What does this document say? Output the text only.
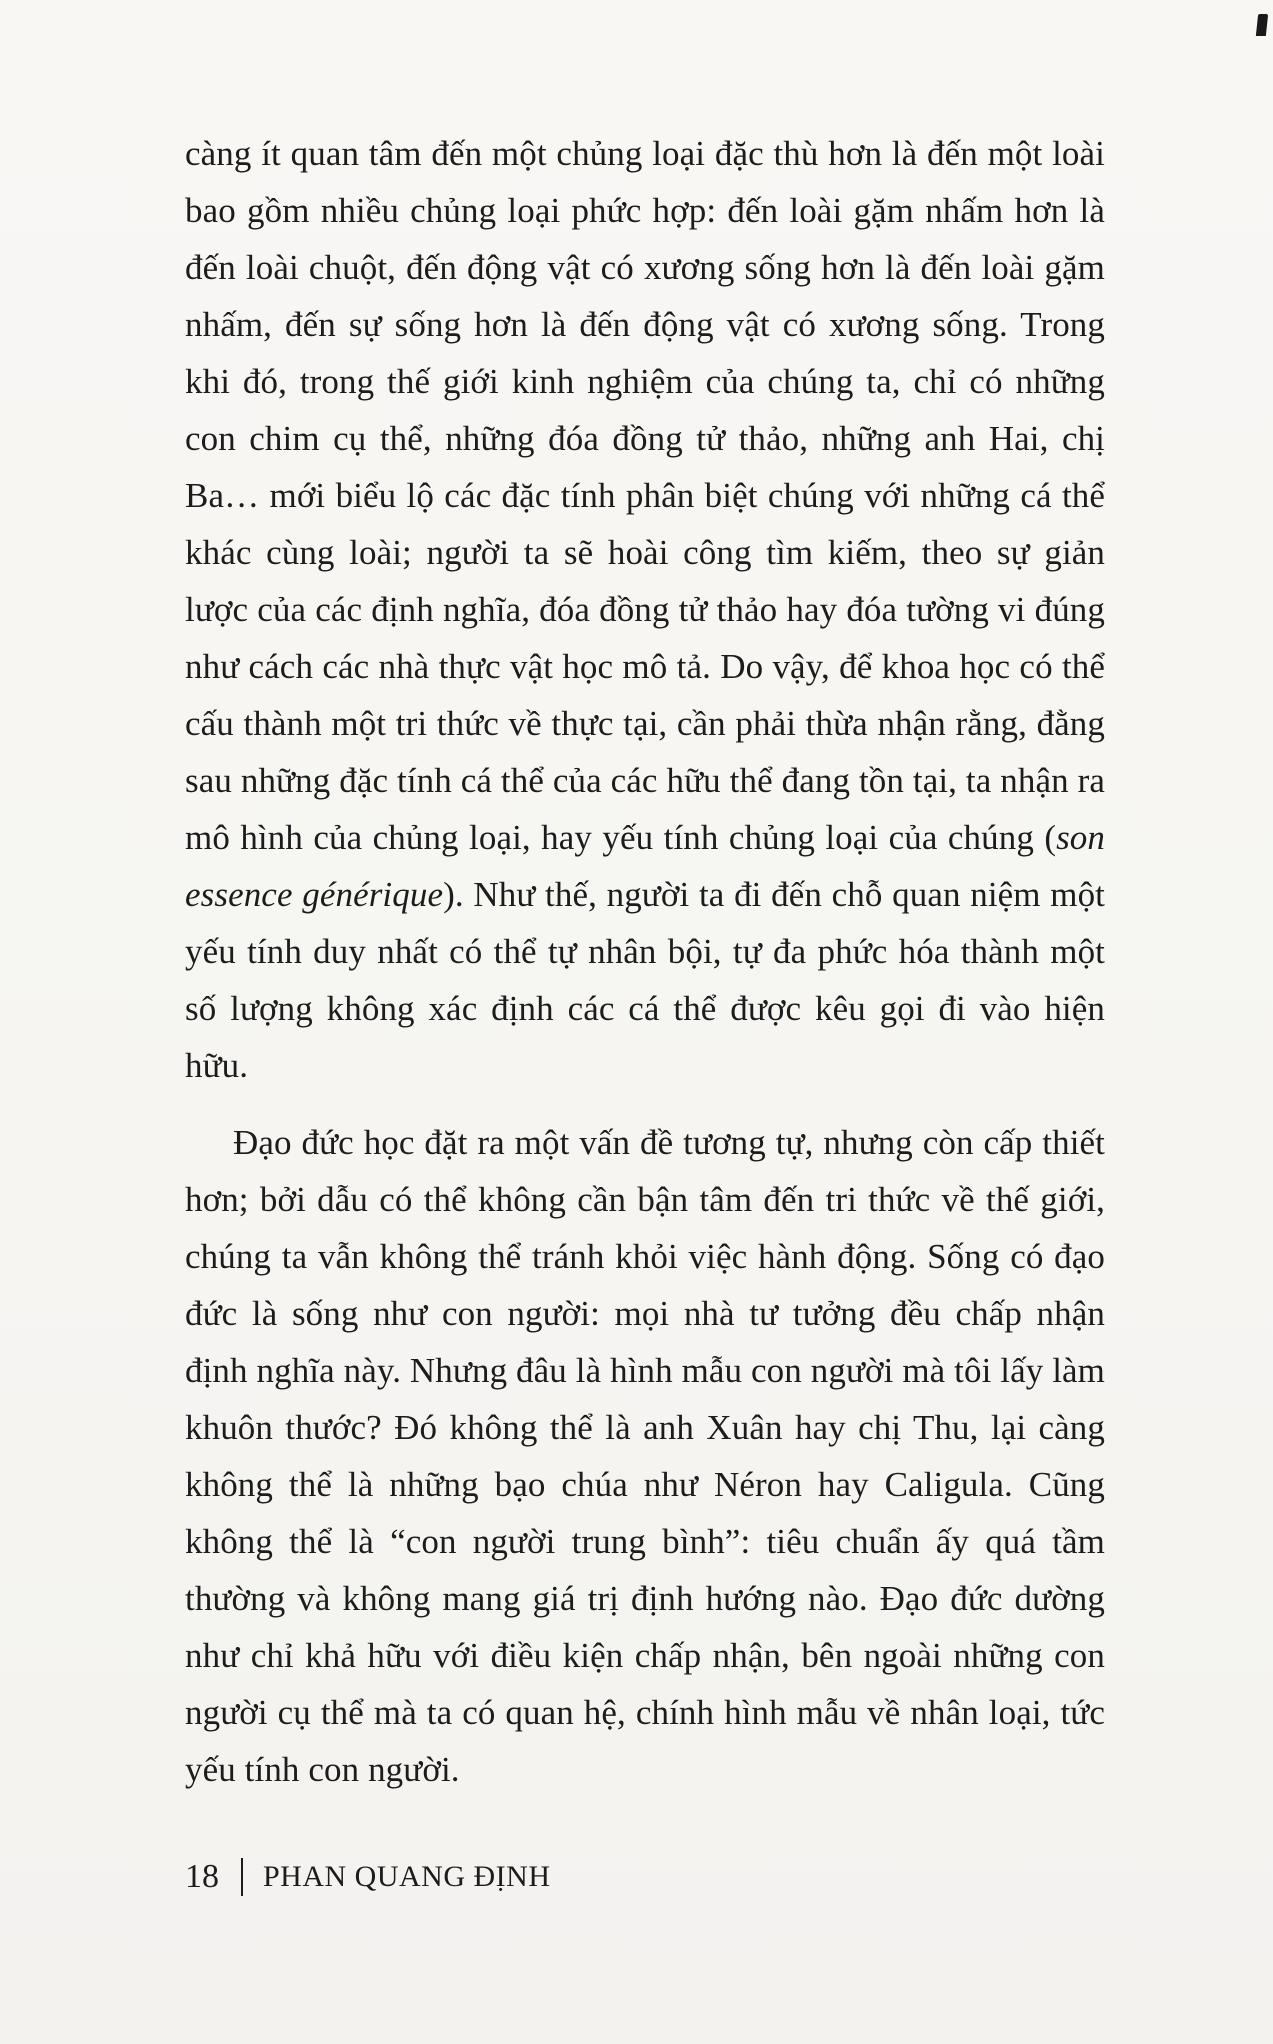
càng ít quan tâm đến một chủng loại đặc thù hơn là đến một loài bao gồm nhiều chủng loại phức hợp: đến loài gặm nhấm hơn là đến loài chuột, đến động vật có xương sống hơn là đến loài gặm nhấm, đến sự sống hơn là đến động vật có xương sống. Trong khi đó, trong thế giới kinh nghiệm của chúng ta, chỉ có những con chim cụ thể, những đóa đồng tử thảo, những anh Hai, chị Ba… mới biểu lộ các đặc tính phân biệt chúng với những cá thể khác cùng loài; người ta sẽ hoài công tìm kiếm, theo sự giản lược của các định nghĩa, đóa đồng tử thảo hay đóa tường vi đúng như cách các nhà thực vật học mô tả. Do vậy, để khoa học có thể cấu thành một tri thức về thực tại, cần phải thừa nhận rằng, đằng sau những đặc tính cá thể của các hữu thể đang tồn tại, ta nhận ra mô hình của chủng loại, hay yếu tính chủng loại của chúng (son essence générique). Như thế, người ta đi đến chỗ quan niệm một yếu tính duy nhất có thể tự nhân bội, tự đa phức hóa thành một số lượng không xác định các cá thể được kêu gọi đi vào hiện hữu.

Đạo đức học đặt ra một vấn đề tương tự, nhưng còn cấp thiết hơn; bởi dẫu có thể không cần bận tâm đến tri thức về thế giới, chúng ta vẫn không thể tránh khỏi việc hành động. Sống có đạo đức là sống như con người: mọi nhà tư tưởng đều chấp nhận định nghĩa này. Nhưng đâu là hình mẫu con người mà tôi lấy làm khuôn thước? Đó không thể là anh Xuân hay chị Thu, lại càng không thể là những bạo chúa như Néron hay Caligula. Cũng không thể là “con người trung bình”: tiêu chuẩn ấy quá tầm thường và không mang giá trị định hướng nào. Đạo đức dường như chỉ khả hữu với điều kiện chấp nhận, bên ngoài những con người cụ thể mà ta có quan hệ, chính hình mẫu về nhân loại, tức yếu tính con người.

18 PHAN QUANG ĐỊNH
